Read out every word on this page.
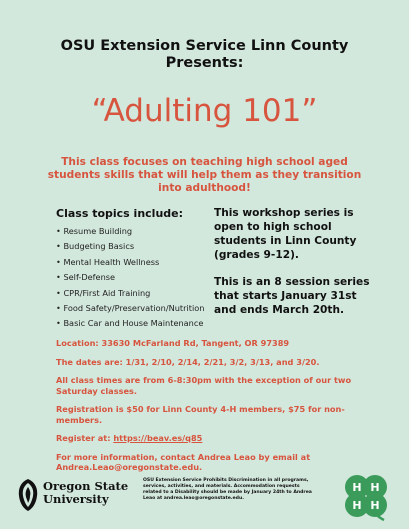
OSU Extension Service Linn County
Presents:
“Adulting 101”
This class focuses on teaching high school aged students skills that will help them as they transition into adulthood!
Class topics include:
• Resume Building
• Budgeting Basics
• Mental Health Wellness
• Self-Defense
• CPR/First Aid Training
• Food Safety/Preservation/Nutrition
• Basic Car and House Maintenance

This workshop series is open to high school students in Linn County (grades 9-12).

This is an 8 session series that starts January 31st and ends March 20th.

Location: 33630 McFarland Rd, Tangent, OR 97389

The dates are: 1/31, 2/10, 2/14, 2/21, 3/2, 3/13, and 3/20.

All class times are from 6-8:30pm with the exception of our two Saturday classes.

Registration is $50 for Linn County 4-H members, $75 for non-members.

Register at: https://beav.es/q85

For more information, contact Andrea Leao by email at Andrea.Leao@oregonstate.edu.

Oregon State
University
OSU Extension Service Prohibits Discrimination in all programs, services, activities, and materials. Accommodation requests related to a Disability should be made by January 24th to Andrea Leao at andrea.leao@oregonstate.edu.
H H
H H
